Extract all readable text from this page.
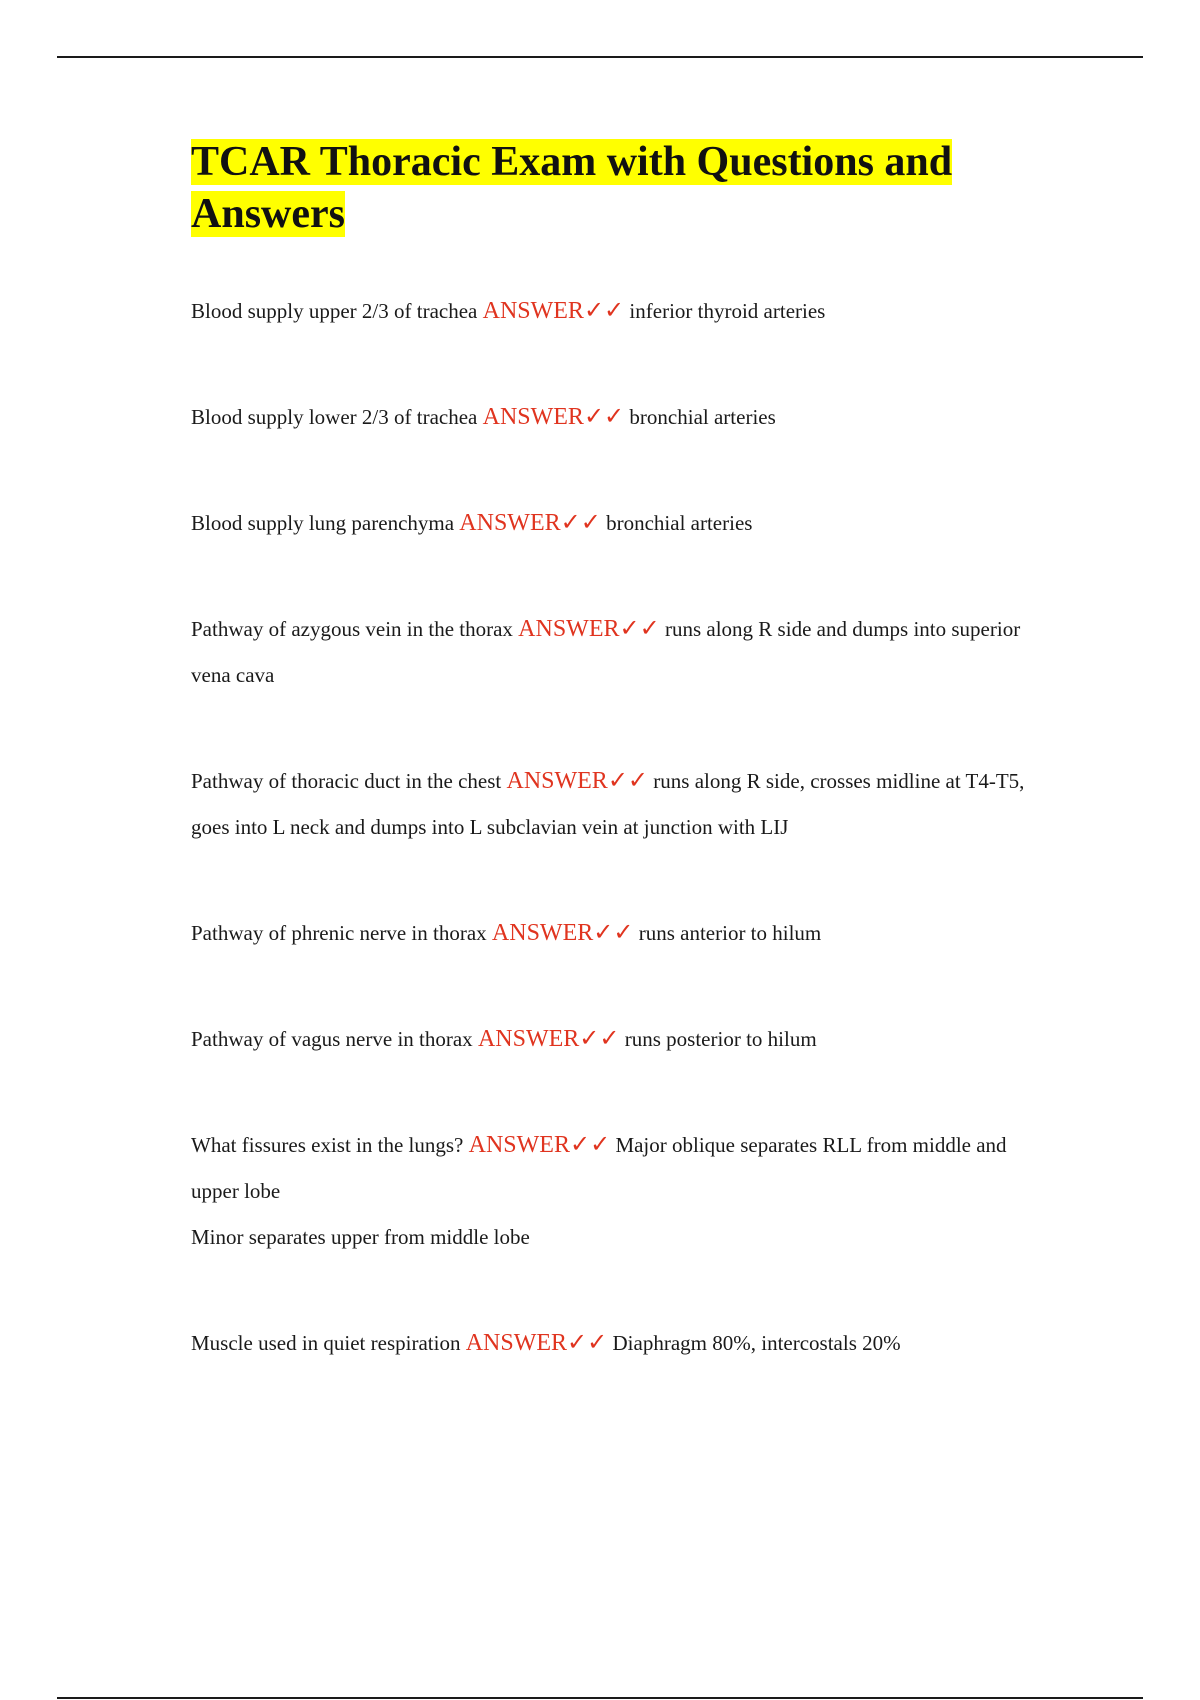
TCAR Thoracic Exam with Questions and Answers
Blood supply upper 2/3 of trachea ANSWER✓✓ inferior thyroid arteries
Blood supply lower 2/3 of trachea ANSWER✓✓ bronchial arteries
Blood supply lung parenchyma ANSWER✓✓ bronchial arteries
Pathway of azygous vein in the thorax ANSWER✓✓ runs along R side and dumps into superior vena cava
Pathway of thoracic duct in the chest ANSWER✓✓ runs along R side, crosses midline at T4-T5, goes into L neck and dumps into L subclavian vein at junction with LIJ
Pathway of phrenic nerve in thorax ANSWER✓✓ runs anterior to hilum
Pathway of vagus nerve in thorax ANSWER✓✓ runs posterior to hilum
What fissures exist in the lungs? ANSWER✓✓ Major oblique separates RLL from middle and upper lobe
Minor separates upper from middle lobe
Muscle used in quiet respiration ANSWER✓✓ Diaphragm 80%, intercostals 20%
